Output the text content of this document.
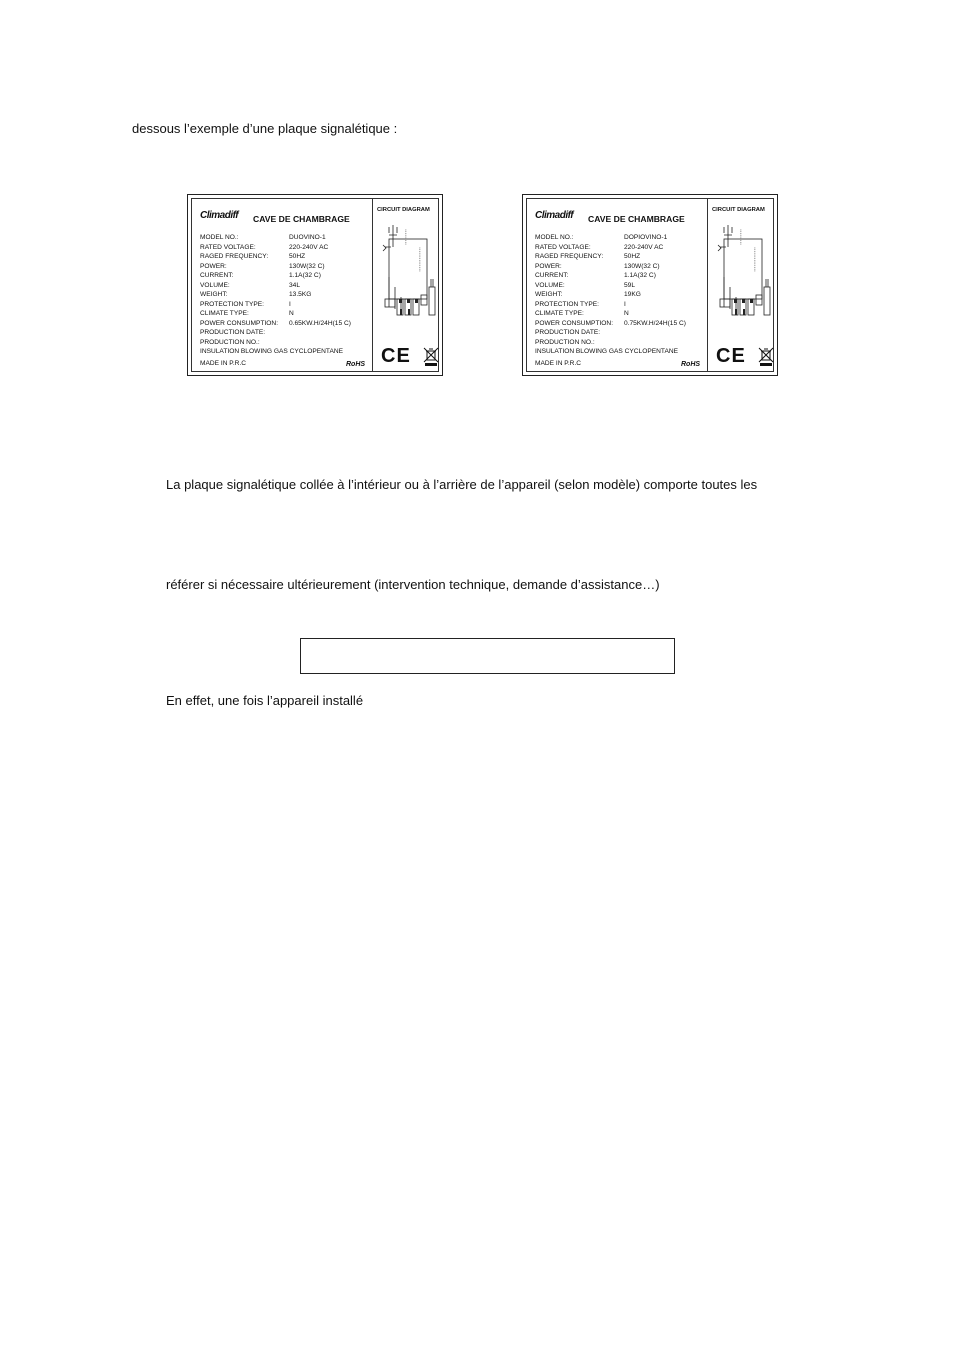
dessous l’exemple d’une plaque signalétique :
Climadiff CAVE DE CHAMBRAGE
MODEL NO.:	DUOVINO-1
RATED VOLTAGE:	220-240V AC
RAGED FREQUENCY:	50HZ
POWER:	130W(32 C)
CURRENT:	1.1A(32 C)
VOLUME:	34L
WEIGHT:	13.5KG
PROTECTION TYPE:	I
CLIMATE TYPE:	N
POWER CONSUMPTION:	0.65KW.H/24H(15 C)
PRODUCTION DATE:
PRODUCTION NO.:
INSULATION BLOWING GAS CYCLOPENTANE
MADE IN P.R.C	RoHS
CIRCUIT DIAGRAM
•••••••••
••••••••••••••
CE
Climadiff CAVE DE CHAMBRAGE
MODEL NO.:	DOPIOVINO-1
RATED VOLTAGE:	220-240V AC
RAGED FREQUENCY:	50HZ
POWER:	130W(32 C)
CURRENT:	1.1A(32 C)
VOLUME:	59L
WEIGHT:	19KG
PROTECTION TYPE:	I
CLIMATE TYPE:	N
POWER CONSUMPTION:	0.75KW.H/24H(15 C)
PRODUCTION DATE:
PRODUCTION NO.:
INSULATION BLOWING GAS CYCLOPENTANE
MADE IN P.R.C	RoHS
CIRCUIT DIAGRAM
•••••••••
••••••••••••••
CE
La plaque signalétique collée à l’intérieur ou à l’arrière de l’appareil (selon modèle) comporte toutes les
référer si nécessaire ultérieurement (intervention technique, demande d’assistance…)
En effet, une fois l’appareil installé
